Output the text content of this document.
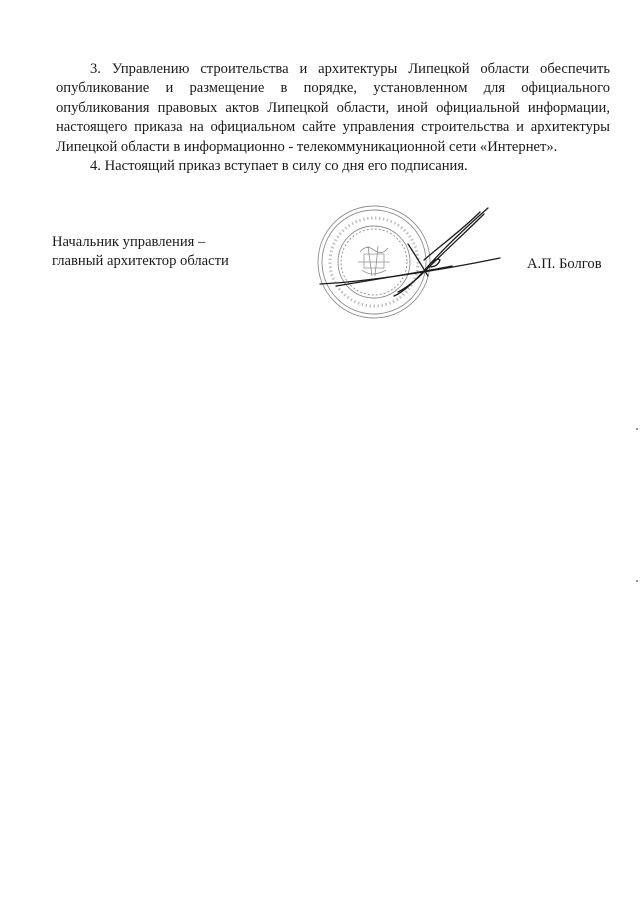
3. Управлению строительства и архитектуры Липецкой области обеспечить опубликование и размещение в порядке, установленном для официального опубликования правовых актов Липецкой области, иной официальной информации, настоящего приказа на официальном сайте управления строительства и архитектуры Липецкой области в информационно - телекоммуникационной сети «Интернет».

4. Настоящий приказ вступает в силу со дня его подписания.

Начальник управления –
главный архитектор области	А.П. Болгов
